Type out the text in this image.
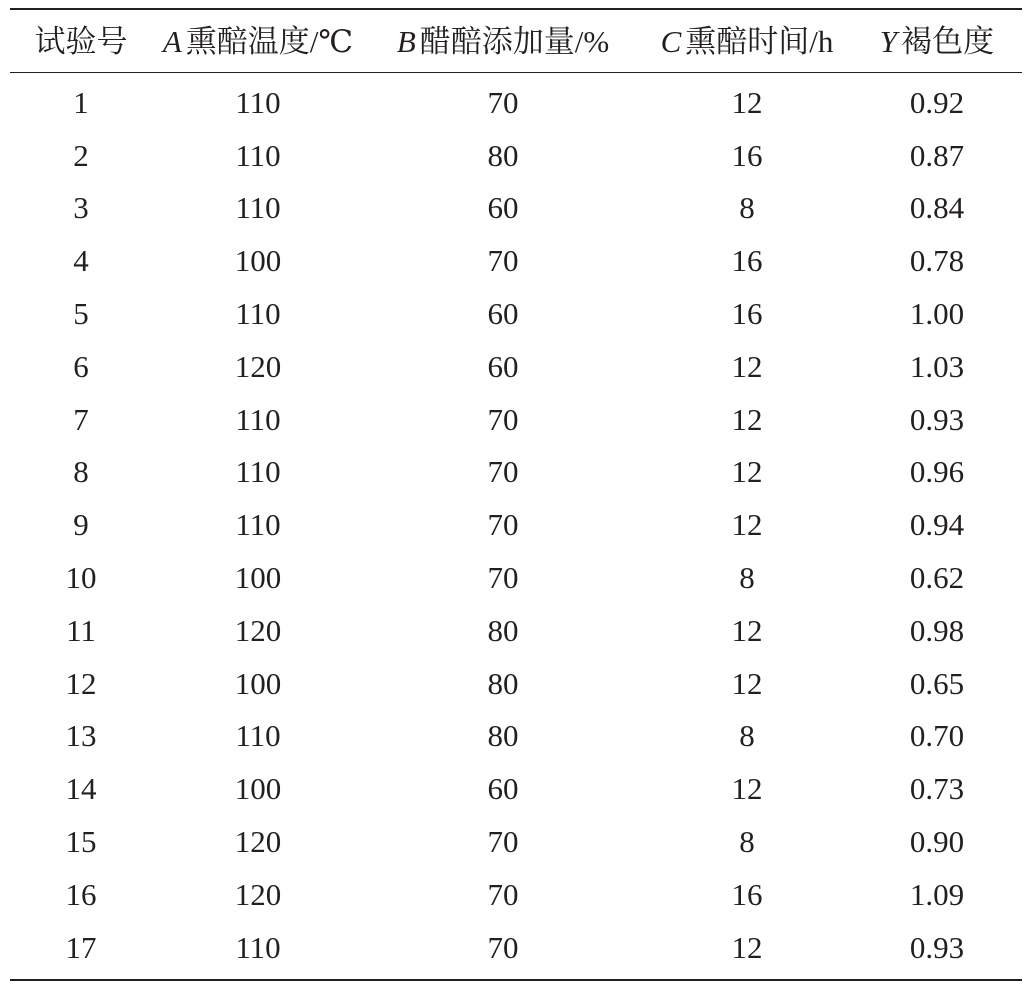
试验号	A 熏醅温度/℃	B 醋醅添加量/%	C 熏醅时间/h	Y 褐色度
1	110	70	12	0.92
2	110	80	16	0.87
3	110	60	8	0.84
4	100	70	16	0.78
5	110	60	16	1.00
6	120	60	12	1.03
7	110	70	12	0.93
8	110	70	12	0.96
9	110	70	12	0.94
10	100	70	8	0.62
11	120	80	12	0.98
12	100	80	12	0.65
13	110	80	8	0.70
14	100	60	12	0.73
15	120	70	8	0.90
16	120	70	16	1.09
17	110	70	12	0.93
